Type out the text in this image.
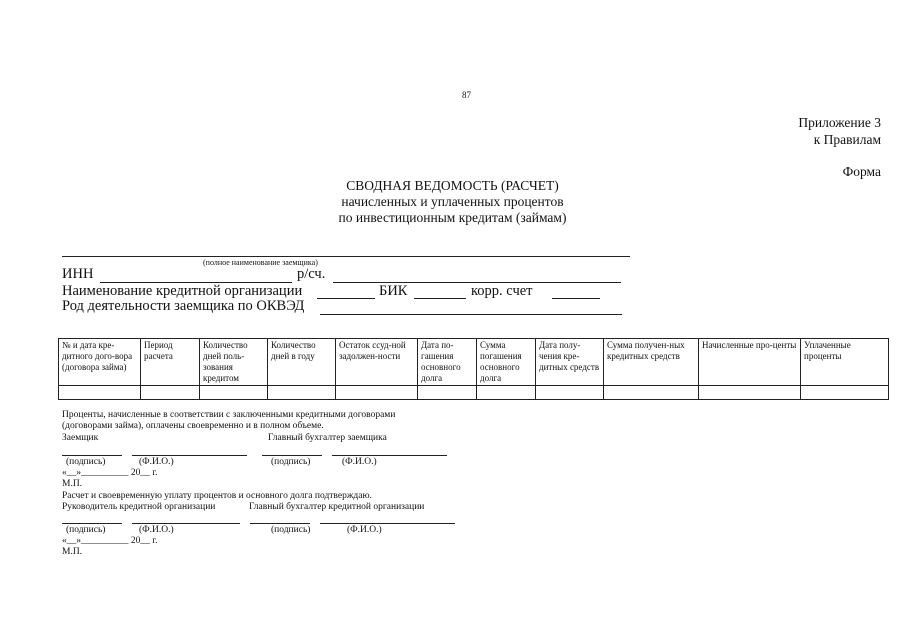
87
Приложение 3
к Правилам
Форма
СВОДНАЯ ВЕДОМОСТЬ (РАСЧЕТ)
начисленных и уплаченных процентов
по инвестиционным кредитам (займам)
(полное наименование заемщика)
ИНН	р/сч.
Наименование кредитной организации	БИК	корр. счет
Род деятельности заемщика по ОКВЭД
№ и дата кре-дитного дого-вора (договора займа)	Период расчета	Количество дней поль-зования кредитом	Количество дней в году	Остаток ссуд-ной задолжен-ности	Дата по-гашения основного долга	Сумма погашения основного долга	Дата полу-чения кре-дитных средств	Сумма получен-ных кредитных средств	Начисленные про-центы	Уплаченные проценты

Проценты, начисленные в соответствии с заключенными кредитными договорами
(договорами займа), оплачены своевременно и в полном объеме.
Заемщик	Главный бухгалтер заемщика
(подпись)	(Ф.И.О.)	(подпись)	(Ф.И.О.)
«__»__________ 20__ г.
М.П.
Расчет и своевременную уплату процентов и основного долга подтверждаю.
Руководитель кредитной организации	Главный бухгалтер кредитной организации
(подпись)	(Ф.И.О.)	(подпись)	(Ф.И.О.)
«__»__________ 20__ г.
М.П.
